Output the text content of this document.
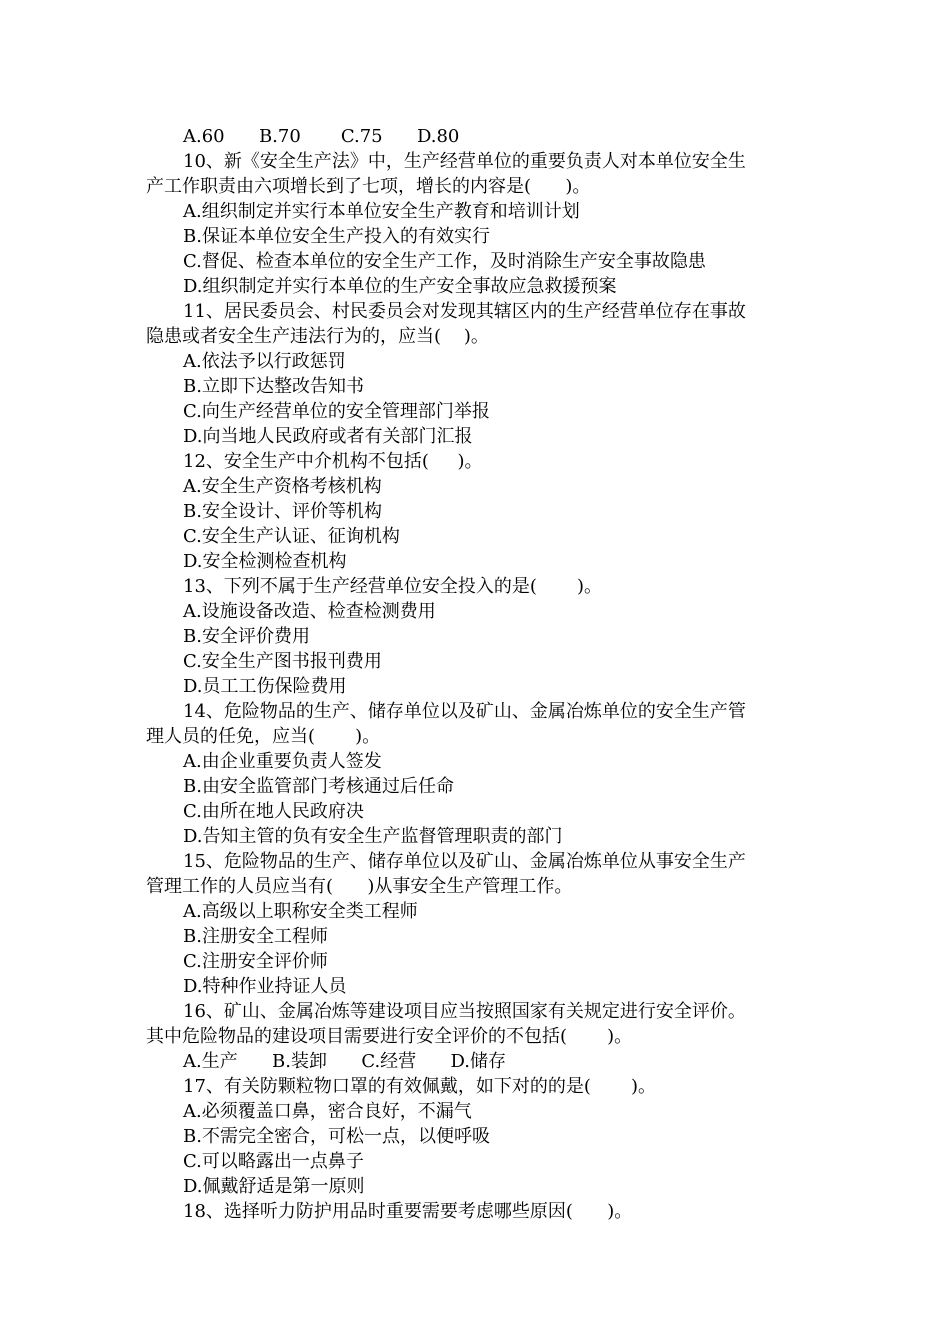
A.60      B.70       C.75      D.80
10、新《安全生产法》中，生产经营单位的重要负责人对本单位安全生
产工作职责由六项增长到了七项，增长的内容是(      )。
A.组织制定并实行本单位安全生产教育和培训计划
B.保证本单位安全生产投入的有效实行
C.督促、检查本单位的安全生产工作，及时消除生产安全事故隐患
D.组织制定并实行本单位的生产安全事故应急救援预案
11、居民委员会、村民委员会对发现其辖区内的生产经营单位存在事故
隐患或者安全生产违法行为的，应当(    )。
A.依法予以行政惩罚
B.立即下达整改告知书
C.向生产经营单位的安全管理部门举报
D.向当地人民政府或者有关部门汇报
12、安全生产中介机构不包括(     )。
A.安全生产资格考核机构
B.安全设计、评价等机构
C.安全生产认证、征询机构
D.安全检测检查机构
13、下列不属于生产经营单位安全投入的是(       )。
A.设施设备改造、检查检测费用
B.安全评价费用
C.安全生产图书报刊费用
D.员工工伤保险费用
14、危险物品的生产、储存单位以及矿山、金属冶炼单位的安全生产管
理人员的任免，应当(       )。
A.由企业重要负责人签发
B.由安全监管部门考核通过后任命
C.由所在地人民政府决
D.告知主管的负有安全生产监督管理职责的部门
15、危险物品的生产、储存单位以及矿山、金属冶炼单位从事安全生产
管理工作的人员应当有(      )从事安全生产管理工作。
A.高级以上职称安全类工程师
B.注册安全工程师
C.注册安全评价师
D.特种作业持证人员
16、矿山、金属冶炼等建设项目应当按照国家有关规定进行安全评价。
其中危险物品的建设项目需要进行安全评价的不包括(       )。
A.生产      B.装卸      C.经营      D.储存
17、有关防颗粒物口罩的有效佩戴，如下对的的是(       )。
A.必须覆盖口鼻，密合良好，不漏气
B.不需完全密合，可松一点，以便呼吸
C.可以略露出一点鼻子
D.佩戴舒适是第一原则
18、选择听力防护用品时重要需要考虑哪些原因(      )。
